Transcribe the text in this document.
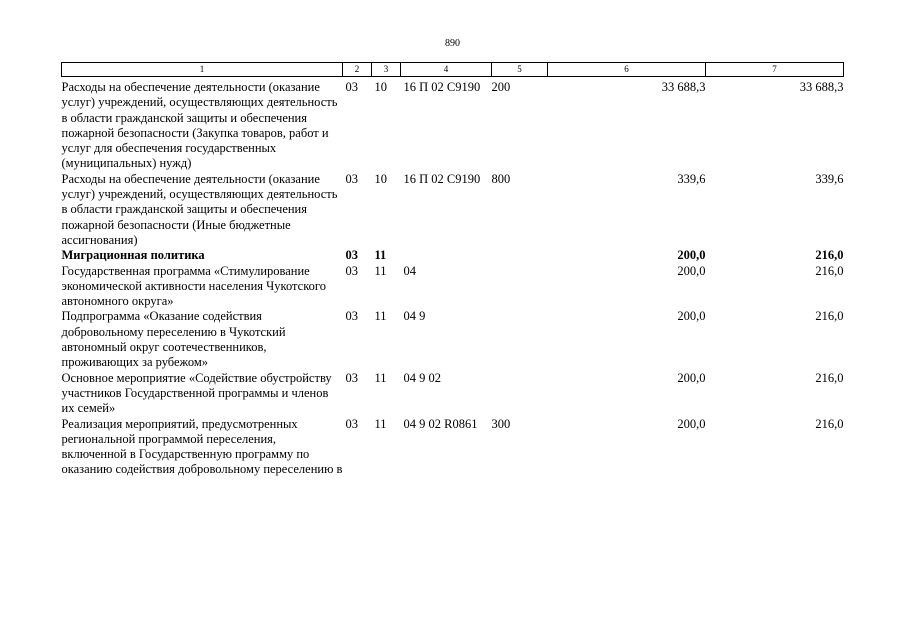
890
1	2	3	4	5	6	7
Расходы на обеспечение деятельности (оказание услуг) учреждений, осуществляющих деятельность в области гражданской защиты и обеспечения пожарной безопасности (Закупка товаров, работ и услуг для обеспечения государственных (муниципальных) нужд)	03	10	16 П 02 С9190	200	33 688,3	33 688,3
Расходы на обеспечение деятельности (оказание услуг) учреждений, осуществляющих деятельность в области гражданской защиты и обеспечения пожарной безопасности (Иные бюджетные ассигнования)	03	10	16 П 02 С9190	800	339,6	339,6
Миграционная политика	03	11			200,0	216,0
Государственная программа «Стимулирование экономической активности населения Чукотского автономного округа»	03	11	04		200,0	216,0
Подпрограмма «Оказание содействия добровольному переселению в Чукотский автономный округ соотечественников, проживающих за рубежом»	03	11	04 9		200,0	216,0
Основное мероприятие «Содействие обустройству участников Государственной программы и членов их семей»	03	11	04 9 02		200,0	216,0
Реализация мероприятий, предусмотренных региональной программой переселения, включенной в Государственную программу по оказанию содействия добровольному переселению в	03	11	04 9 02 R0861	300	200,0	216,0
